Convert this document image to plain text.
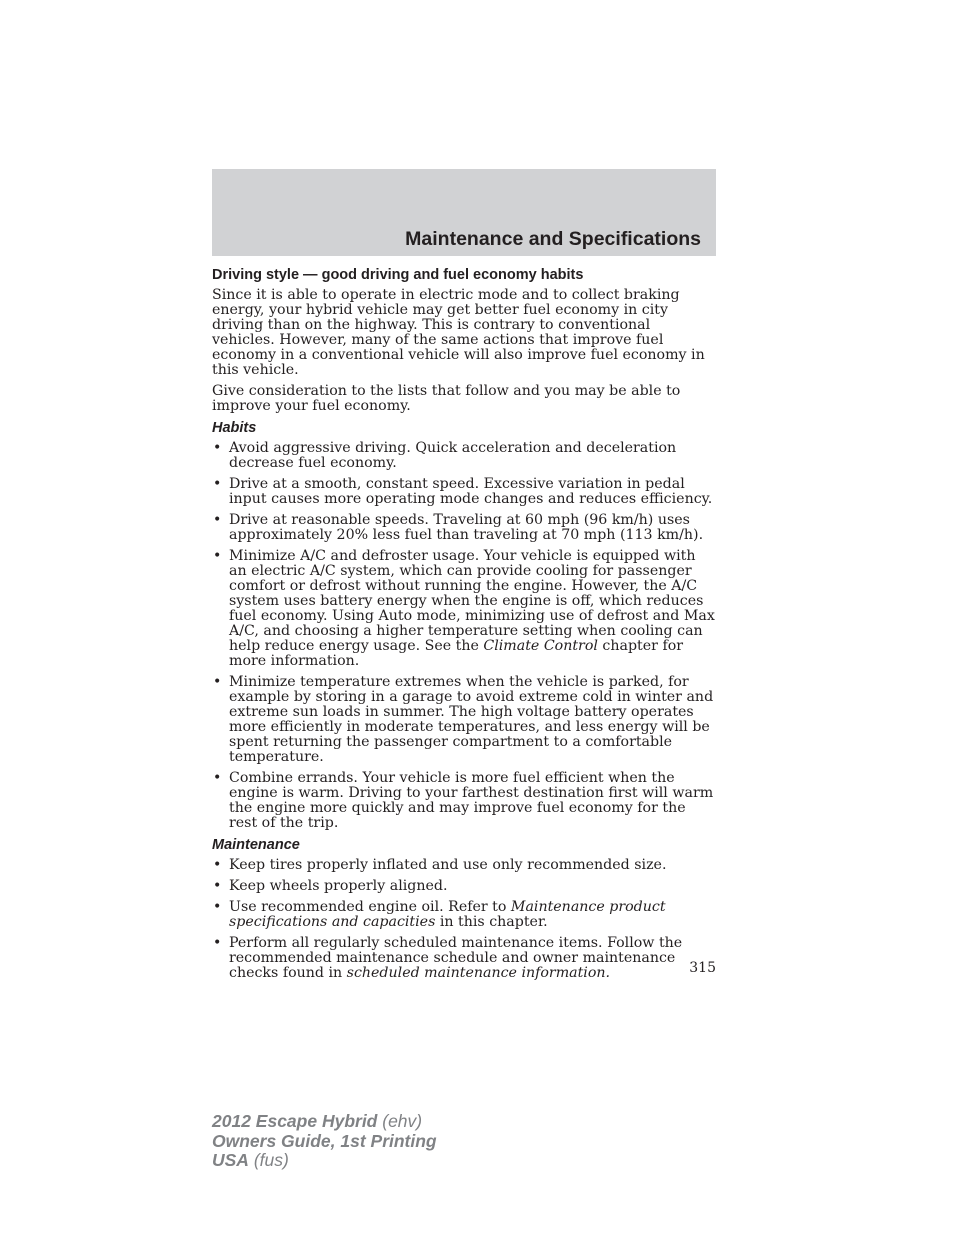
Maintenance and Specifications
Driving style — good driving and fuel economy habits

Since it is able to operate in electric mode and to collect braking energy, your hybrid vehicle may get better fuel economy in city driving than on the highway. This is contrary to conventional vehicles. However, many of the same actions that improve fuel economy in a conventional vehicle will also improve fuel economy in this vehicle.

Give consideration to the lists that follow and you may be able to improve your fuel economy.

Habits
• Avoid aggressive driving. Quick acceleration and deceleration decrease fuel economy.
• Drive at a smooth, constant speed. Excessive variation in pedal input causes more operating mode changes and reduces efficiency.
• Drive at reasonable speeds. Traveling at 60 mph (96 km/h) uses approximately 20% less fuel than traveling at 70 mph (113 km/h).
• Minimize A/C and defroster usage. Your vehicle is equipped with an electric A/C system, which can provide cooling for passenger comfort or defrost without running the engine. However, the A/C system uses battery energy when the engine is off, which reduces fuel economy. Using Auto mode, minimizing use of defrost and Max A/C, and choosing a higher temperature setting when cooling can help reduce energy usage. See the Climate Control chapter for more information.
• Minimize temperature extremes when the vehicle is parked, for example by storing in a garage to avoid extreme cold in winter and extreme sun loads in summer. The high voltage battery operates more efficiently in moderate temperatures, and less energy will be spent returning the passenger compartment to a comfortable temperature.
• Combine errands. Your vehicle is more fuel efficient when the engine is warm. Driving to your farthest destination first will warm the engine more quickly and may improve fuel economy for the rest of the trip.
Maintenance
• Keep tires properly inflated and use only recommended size.
• Keep wheels properly aligned.
• Use recommended engine oil. Refer to Maintenance product specifications and capacities in this chapter.
• Perform all regularly scheduled maintenance items. Follow the recommended maintenance schedule and owner maintenance checks found in scheduled maintenance information.	315
2012 Escape Hybrid (ehv)
Owners Guide, 1st Printing
USA (fus)
